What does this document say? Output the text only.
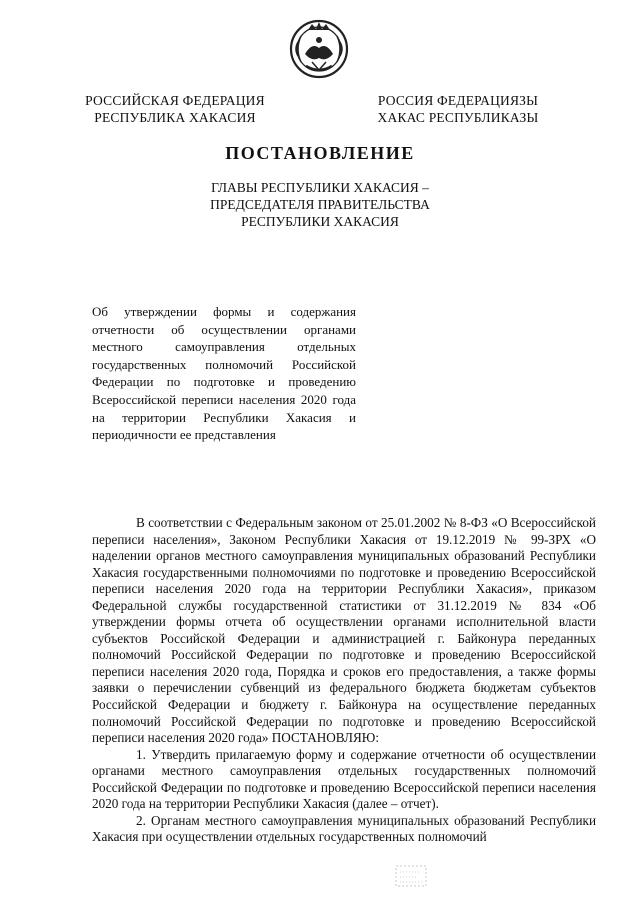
РОССИЙСКАЯ ФЕДЕРАЦИЯ
РЕСПУБЛИКА ХАКАСИЯ
РОССИЯ ФЕДЕРАЦИЯЗЫ
ХАКАС РЕСПУБЛИКАЗЫ
ПОСТАНОВЛЕНИЕ
ГЛАВЫ РЕСПУБЛИКИ ХАКАСИЯ –
ПРЕДСЕДАТЕЛЯ ПРАВИТЕЛЬСТВА
РЕСПУБЛИКИ ХАКАСИЯ
Об утверждении формы и содержания отчетности об осуществлении органами местного самоуправления отдельных государственных полномочий Российской Федерации по подготовке и проведению Всероссийской переписи населения 2020 года на территории Республики Хакасия и периодичности ее представления

В соответствии с Федеральным законом от 25.01.2002 № 8-ФЗ «О Всероссийской переписи населения», Законом Республики Хакасия от 19.12.2019 № 99-ЗРХ «О наделении органов местного самоуправления муниципальных образований Республики Хакасия государственными полномочиями по подготовке и проведению Всероссийской переписи населения 2020 года на территории Республики Хакасия», приказом Федеральной службы государственной статистики от 31.12.2019 № 834 «Об утверждении формы отчета об осуществлении органами исполнительной власти субъектов Российской Федерации и администрацией г. Байконура переданных полномочий Российской Федерации по подготовке и проведению Всероссийской переписи населения 2020 года, Порядка и сроков его предоставления, а также формы заявки о перечислении субвенций из федерального бюджета бюджетам субъектов Российской Федерации и бюджету г. Байконура на осуществление переданных полномочий Российской Федерации по подготовке и проведению Всероссийской переписи населения 2020 года» ПОСТАНОВЛЯЮ:

1. Утвердить прилагаемую форму и содержание отчетности об осуществлении органами местного самоуправления отдельных государственных полномочий Российской Федерации по подготовке и проведению Всероссийской переписи населения 2020 года на территории Республики Хакасия (далее – отчет).

2. Органам местного самоуправления муниципальных образований Республики Хакасия при осуществлении отдельных государственных полномочий
